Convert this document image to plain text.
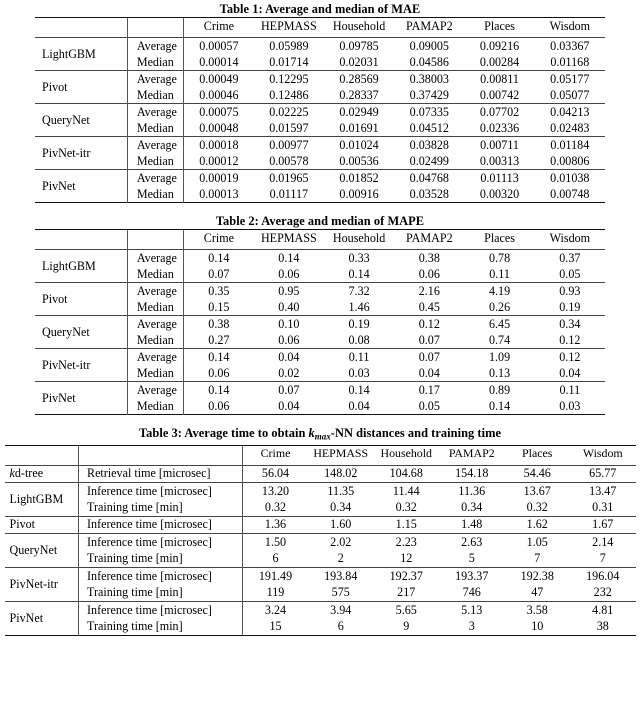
Table 1: Average and median of MAE
		Crime	HEPMASS	Household	PAMAP2	Places	Wisdom
LightGBM	Average	0.00057	0.05989	0.09785	0.09005	0.09216	0.03367
	Median	0.00014	0.01714	0.02031	0.04586	0.00284	0.01168
Pivot	Average	0.00049	0.12295	0.28569	0.38003	0.00811	0.05177
	Median	0.00046	0.12486	0.28337	0.37429	0.00742	0.05077
QueryNet	Average	0.00075	0.02225	0.02949	0.07335	0.07702	0.04213
	Median	0.00048	0.01597	0.01691	0.04512	0.02336	0.02483
PivNet-itr	Average	0.00018	0.00977	0.01024	0.03828	0.00711	0.01184
	Median	0.00012	0.00578	0.00536	0.02499	0.00313	0.00806
PivNet	Average	0.00019	0.01965	0.01852	0.04768	0.01113	0.01038
	Median	0.00013	0.01117	0.00916	0.03528	0.00320	0.00748

Table 2: Average and median of MAPE
		Crime	HEPMASS	Household	PAMAP2	Places	Wisdom
LightGBM	Average	0.14	0.14	0.33	0.38	0.78	0.37
	Median	0.07	0.06	0.14	0.06	0.11	0.05
Pivot	Average	0.35	0.95	7.32	2.16	4.19	0.93
	Median	0.15	0.40	1.46	0.45	0.26	0.19
QueryNet	Average	0.38	0.10	0.19	0.12	6.45	0.34
	Median	0.27	0.06	0.08	0.07	0.74	0.12
PivNet-itr	Average	0.14	0.04	0.11	0.07	1.09	0.12
	Median	0.06	0.02	0.03	0.04	0.13	0.04
PivNet	Average	0.14	0.07	0.14	0.17	0.89	0.11
	Median	0.06	0.04	0.04	0.05	0.14	0.03

Table 3: Average time to obtain $k_{max}-NN$ distances and training time
		Crime	HEPMASS	Household	PAMAP2	Places	Wisdom
kd-tree	Retrieval time [microsec]	56.04	148.02	104.68	154.18	54.46	65.77
LightGBM	Inference time [microsec]	13.20	11.35	11.44	11.36	13.67	13.47
	Training time [min]	0.32	0.34	0.32	0.34	0.32	0.31
Pivot	Inference time [microsec]	1.36	1.60	1.15	1.48	1.62	1.67
QueryNet	Inference time [microsec]	1.50	2.02	2.23	2.63	1.05	2.14
	Training time [min]	6	2	12	5	7	7
PivNet-itr	Inference time [microsec]	191.49	193.84	192.37	193.37	192.38	196.04
	Training time [min]	119	575	217	746	47	232
PivNet	Inference time [microsec]	3.24	3.94	5.65	5.13	3.58	4.81
	Training time [min]	15	6	9	3	10	38
